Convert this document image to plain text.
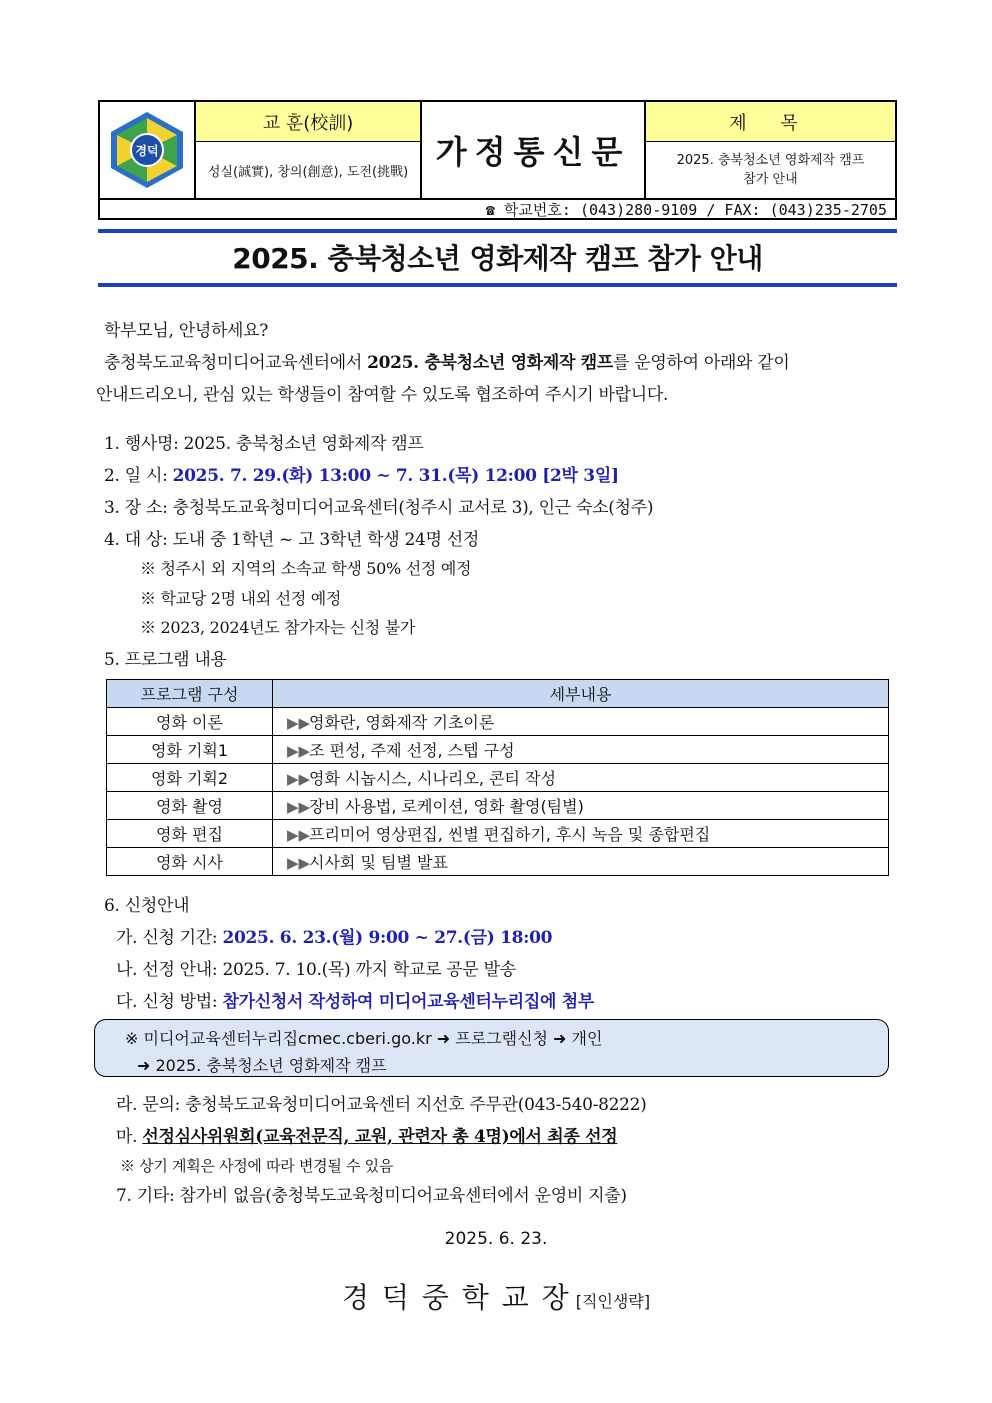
경덕
교 훈(校訓)
성실(誠實), 창의(創意), 도전(挑戰)
가정통신문
제 목
2025. 충북청소년 영화제작 캠프
참가 안내
☎ 학교번호: (043)280-9109 / FAX: (043)235-2705
2025. 충북청소년 영화제작 캠프 참가 안내
학부모님, 안녕하세요?
충청북도교육청미디어교육센터에서 2025. 충북청소년 영화제작 캠프를 운영하여 아래와 같이
안내드리오니, 관심 있는 학생들이 참여할 수 있도록 협조하여 주시기 바랍니다.
1. 행사명: 2025. 충북청소년 영화제작 캠프
2. 일 시: 2025. 7. 29.(화) 13:00 ~ 7. 31.(목) 12:00 [2박 3일]
3. 장 소: 충청북도교육청미디어교육센터(청주시 교서로 3), 인근 숙소(청주)
4. 대 상: 도내 중 1학년 ~ 고 3학년 학생 24명 선정
※ 청주시 외 지역의 소속교 학생 50% 선정 예정
※ 학교당 2명 내외 선정 예정
※ 2023, 2024년도 참가자는 신청 불가
5. 프로그램 내용
프로그램 구성	세부내용
영화 이론	▶▶영화란, 영화제작 기초이론
영화 기획1	▶▶조 편성, 주제 선정, 스텝 구성
영화 기획2	▶▶영화 시놉시스, 시나리오, 콘티 작성
영화 촬영	▶▶장비 사용법, 로케이션, 영화 촬영(팀별)
영화 편집	▶▶프리미어 영상편집, 씬별 편집하기, 후시 녹음 및 종합편집
영화 시사	▶▶시사회 및 팀별 발표
6. 신청안내
가. 신청 기간: 2025. 6. 23.(월) 9:00 ~ 27.(금) 18:00
나. 선정 안내: 2025. 7. 10.(목) 까지 학교로 공문 발송
다. 신청 방법: 참가신청서 작성하여 미디어교육센터누리집에 첨부
※ 미디어교육센터누리집cmec.cberi.go.kr ➜ 프로그램신청 ➜ 개인
➜ 2025. 충북청소년 영화제작 캠프
라. 문의: 충청북도교육청미디어교육센터 지선호 주무관(043-540-8222)
마. 선정심사위원회(교육전문직, 교원, 관련자 총 4명)에서 최종 선정
※ 상기 계획은 사정에 따라 변경될 수 있음
7. 기타: 참가비 없음(충청북도교육청미디어교육센터에서 운영비 지출)
2025. 6. 23.
경 덕 중 학 교 장 [직인생략]
